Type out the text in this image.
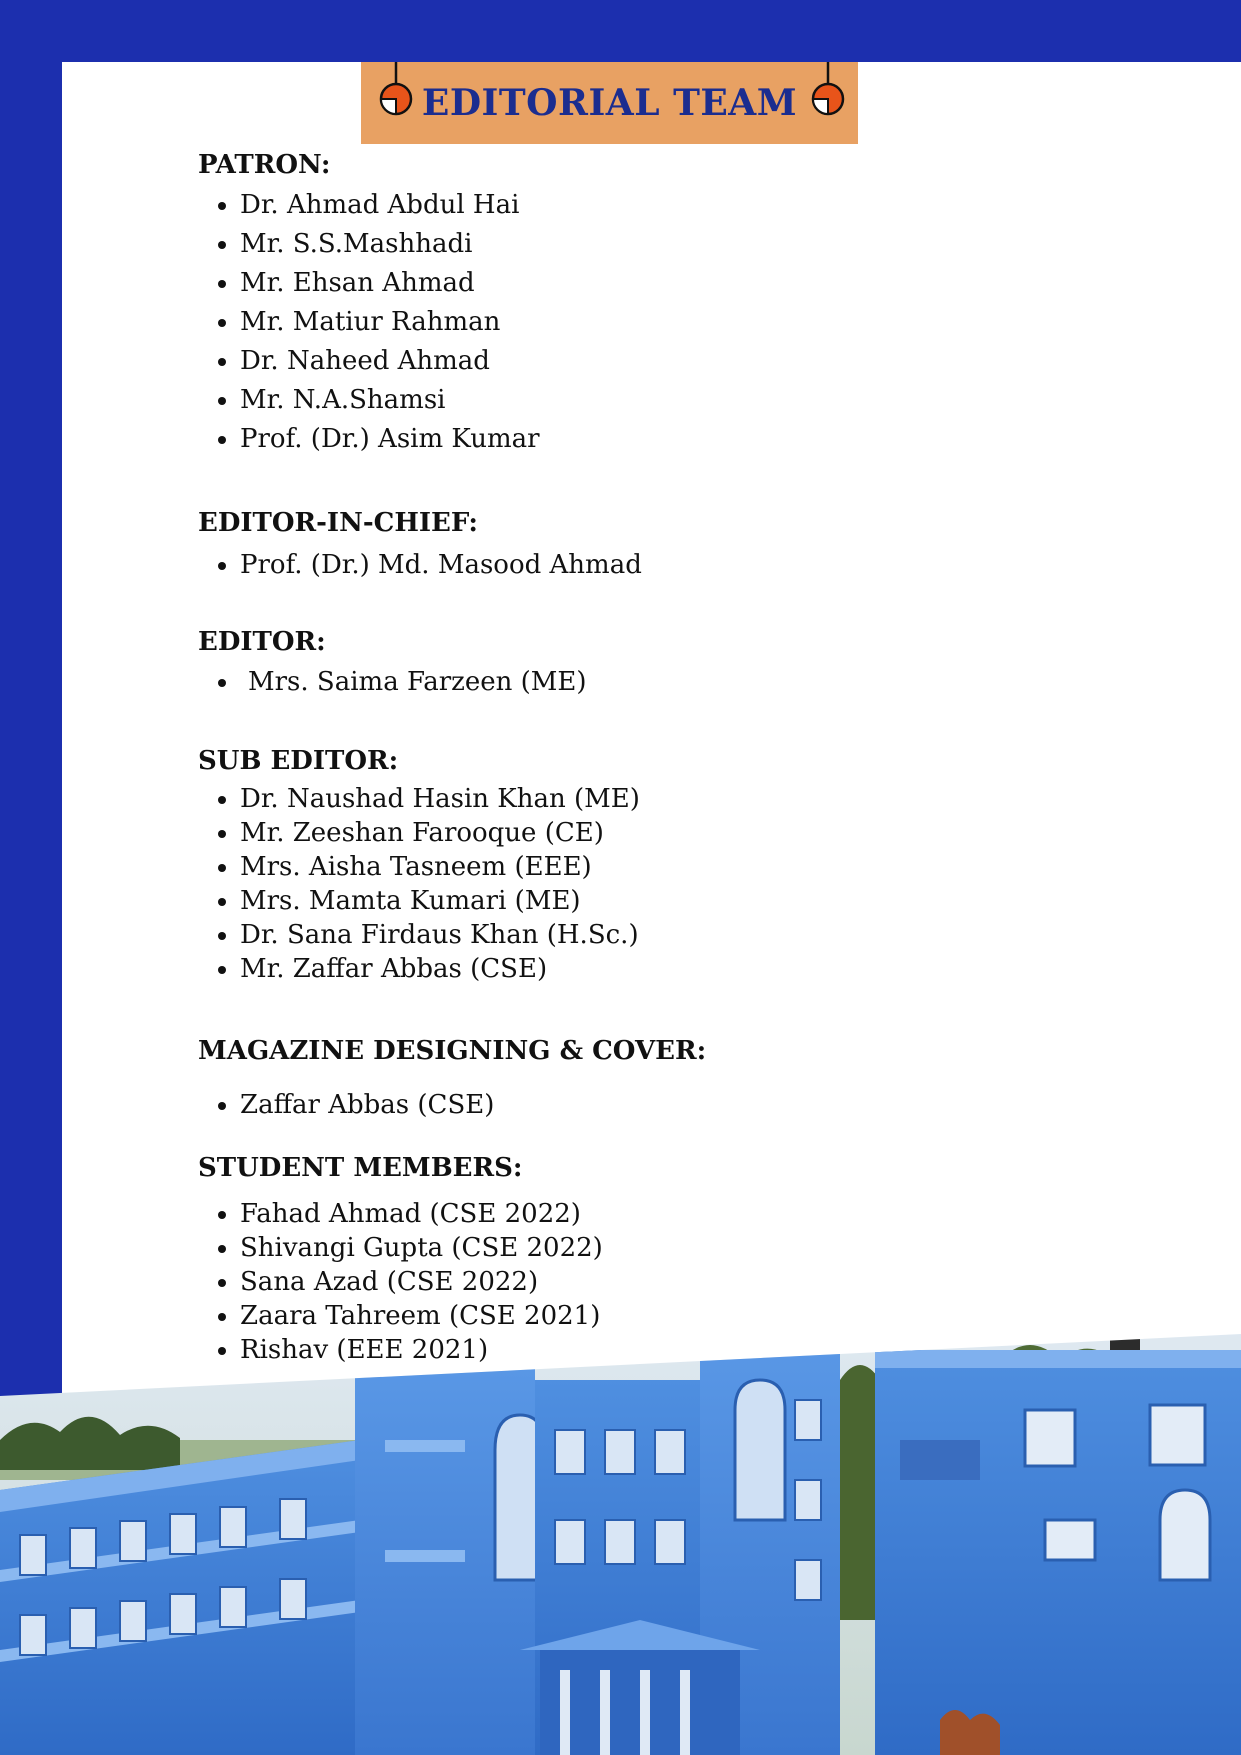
EDITORIAL TEAM

PATRON:

• Dr. Ahmad Abdul Hai
• Mr. S.S.Mashhadi
• Mr. Ehsan Ahmad
• Mr. Matiur Rahman
• Dr. Naheed Ahmad
• Mr. N.A.Shamsi
• Prof. (Dr.) Asim Kumar

EDITOR-IN-CHIEF:

• Prof. (Dr.) Md. Masood Ahmad

EDITOR:

• Mrs. Saima Farzeen (ME)

SUB EDITOR:

• Dr. Naushad Hasin Khan (ME)
• Mr. Zeeshan Farooque (CE)
• Mrs. Aisha Tasneem (EEE)
• Mrs. Mamta Kumari (ME)
• Dr. Sana Firdaus Khan (H.Sc.)
• Mr. Zaffar Abbas (CSE)

MAGAZINE DESIGNING & COVER:

• Zaffar Abbas (CSE)

STUDENT MEMBERS:

• Fahad Ahmad (CSE 2022)
• Shivangi Gupta (CSE 2022)
• Sana Azad (CSE 2022)
• Zaara Tahreem (CSE 2021)
• Rishav (EEE 2021)
